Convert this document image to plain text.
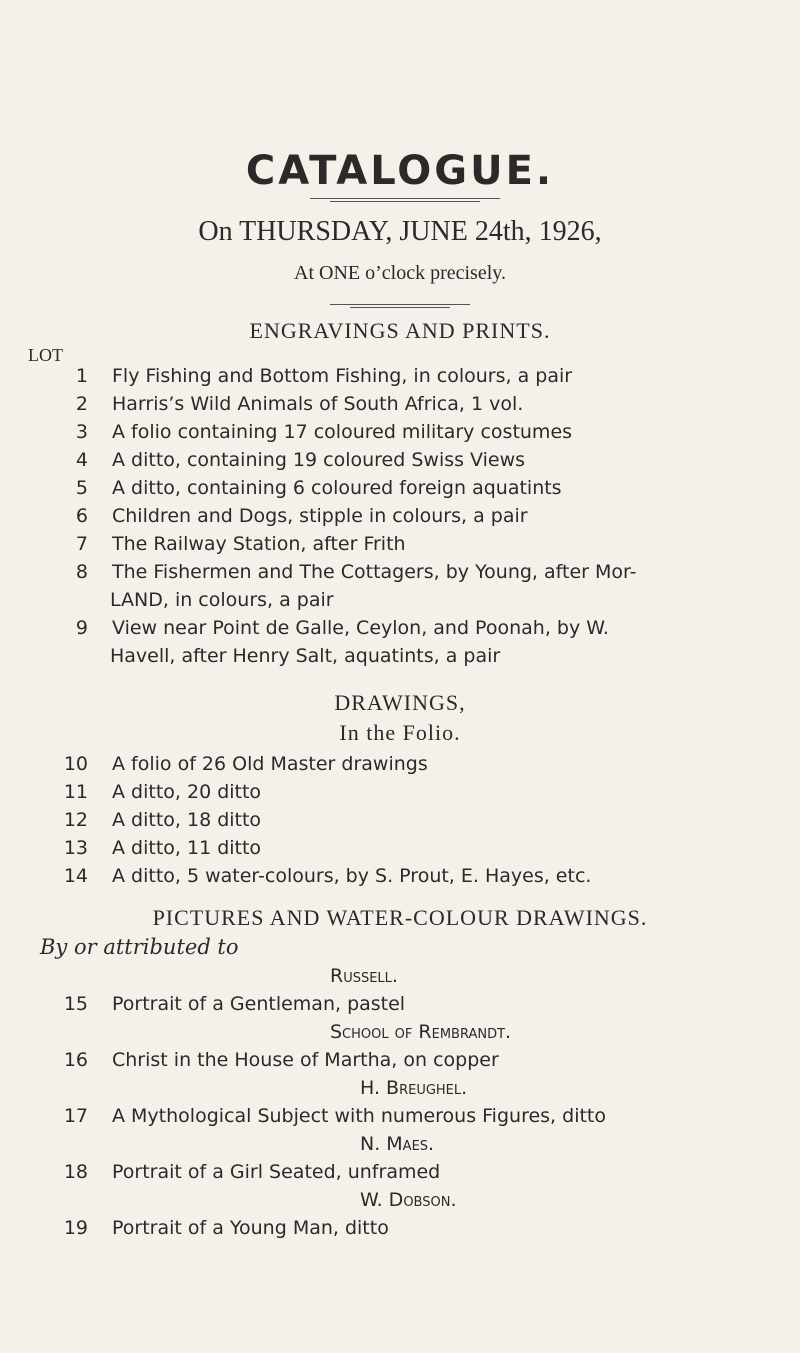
CATALOGUE.
On THURSDAY, JUNE 24th, 1926,
At ONE o’clock precisely.
ENGRAVINGS AND PRINTS.
LOT
1 Fly Fishing and Bottom Fishing, in colours, a pair
2 Harris’s Wild Animals of South Africa, 1 vol.
3 A folio containing 17 coloured military costumes
4 A ditto, containing 19 coloured Swiss Views
5 A ditto, containing 6 coloured foreign aquatints
6 Children and Dogs, stipple in colours, a pair
7 The Railway Station, after Frith
8 The Fishermen and The Cottagers, by Young, after Mor-
LAND, in colours, a pair
9 View near Point de Galle, Ceylon, and Poonah, by W.
Havell, after Henry Salt, aquatints, a pair
DRAWINGS,
In the Folio.
10 A folio of 26 Old Master drawings
11 A ditto, 20 ditto
12 A ditto, 18 ditto
13 A ditto, 11 ditto
14 A ditto, 5 water-colours, by S. Prout, E. Hayes, etc.
PICTURES AND WATER-COLOUR DRAWINGS.
By or attributed to
Russell.
15 Portrait of a Gentleman, pastel
School of Rembrandt.
16 Christ in the House of Martha, on copper
H. Breughel.
17 A Mythological Subject with numerous Figures, ditto
N. Maes.
18 Portrait of a Girl Seated, unframed
W. Dobson.
19 Portrait of a Young Man, ditto
